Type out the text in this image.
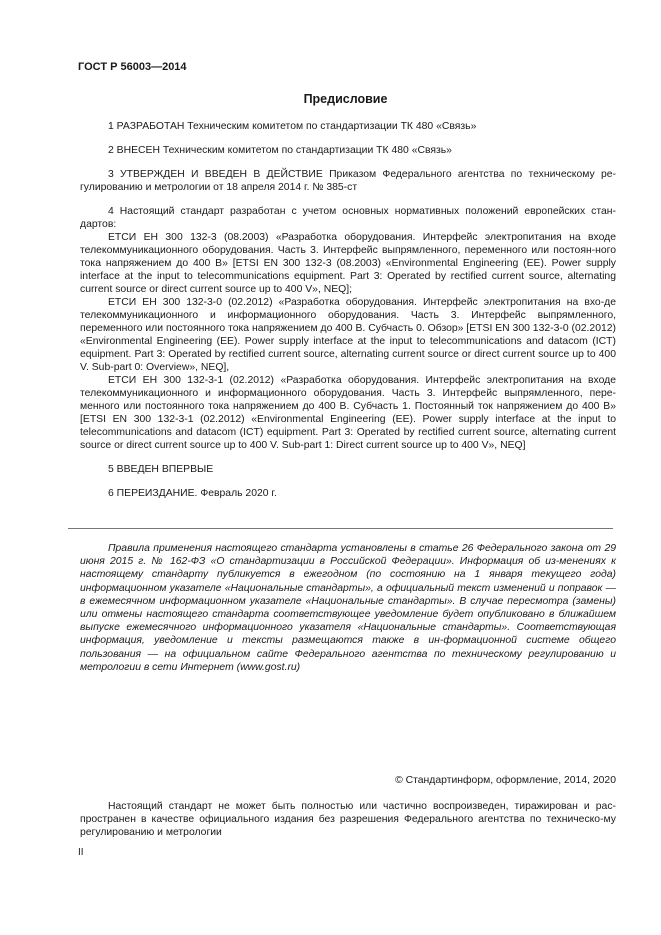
ГОСТ Р 56003—2014
Предисловие

1 РАЗРАБОТАН Техническим комитетом по стандартизации ТК 480 «Связь»

2 ВНЕСЕН Техническим комитетом по стандартизации ТК 480 «Связь»

3 УТВЕРЖДЕН И ВВЕДЕН В ДЕЙСТВИЕ Приказом Федерального агентства по техническому ре-гулированию и метрологии от 18 апреля 2014 г. № 385-ст

4 Настоящий стандарт разработан с учетом основных нормативных положений европейских стан-дартов:

ЕТСИ ЕН 300 132-3 (08.2003) «Разработка оборудования. Интерфейс электропитания на входе телекоммуникационного оборудования. Часть 3. Интерфейс выпрямленного, переменного или постоян-ного тока напряжением до 400 В» [ETSI EN 300 132-3 (08.2003) «Environmental Engineering (EE). Power supply interface at the input to telecommunications equipment. Part 3: Operated by rectified current source, alternating current source or direct current source up to 400 V», NEQ];

ЕТСИ ЕН 300 132-3-0 (02.2012) «Разработка оборудования. Интерфейс электропитания на вхо-де телекоммуникационного и информационного оборудования. Часть 3. Интерфейс выпрямленного, переменного или постоянного тока напряжением до 400 В. Субчасть 0. Обзор» [ETSI EN 300 132-3-0 (02.2012) «Environmental Engineering (EE). Power supply interface at the input to telecommunications and datacom (ICT) equipment. Part 3: Operated by rectified current source, alternating current source or direct current source up to 400 V. Sub-part 0: Overview», NEQ],

ЕТСИ ЕН 300 132-3-1 (02.2012) «Разработка оборудования. Интерфейс электропитания на входе телекоммуникационного и информационного оборудования. Часть 3. Интерфейс выпрямленного, пере-менного или постоянного тока напряжением до 400 В. Субчасть 1. Постоянный ток напряжением до 400 В» [ETSI EN 300 132-3-1 (02.2012) «Environmental Engineering (EE). Power supply interface at the input to telecommunications and datacom (ICT) equipment. Part 3: Operated by rectified current source, alternating current source or direct current source up to 400 V. Sub-part 1: Direct current source up to 400 V», NEQ]

5 ВВЕДЕН ВПЕРВЫЕ

6 ПЕРЕИЗДАНИЕ. Февраль 2020 г.

Правила применения настоящего стандарта установлены в статье 26 Федерального закона от 29 июня 2015 г. № 162-ФЗ «О стандартизации в Российской Федерации». Информация об из-менениях к настоящему стандарту публикуется в ежегодном (по состоянию на 1 января текущего года) информационном указателе «Национальные стандарты», а официальный текст изменений и поправок — в ежемесячном информационном указателе «Национальные стандарты». В случае пересмотра (замены) или отмены настоящего стандарта соответствующее уведомление будет опубликовано в ближайшем выпуске ежемесячного информационного указателя «Национальные стандарты». Соответствующая информация, уведомление и тексты размещаются также в ин-формационной системе общего пользования — на официальном сайте Федерального агентства по техническому регулированию и метрологии в сети Интернет (www.gost.ru)

© Стандартинформ, оформление, 2014, 2020

Настоящий стандарт не может быть полностью или частично воспроизведен, тиражирован и рас-пространен в качестве официального издания без разрешения Федерального агентства по техническо-му регулированию и метрологии

II
